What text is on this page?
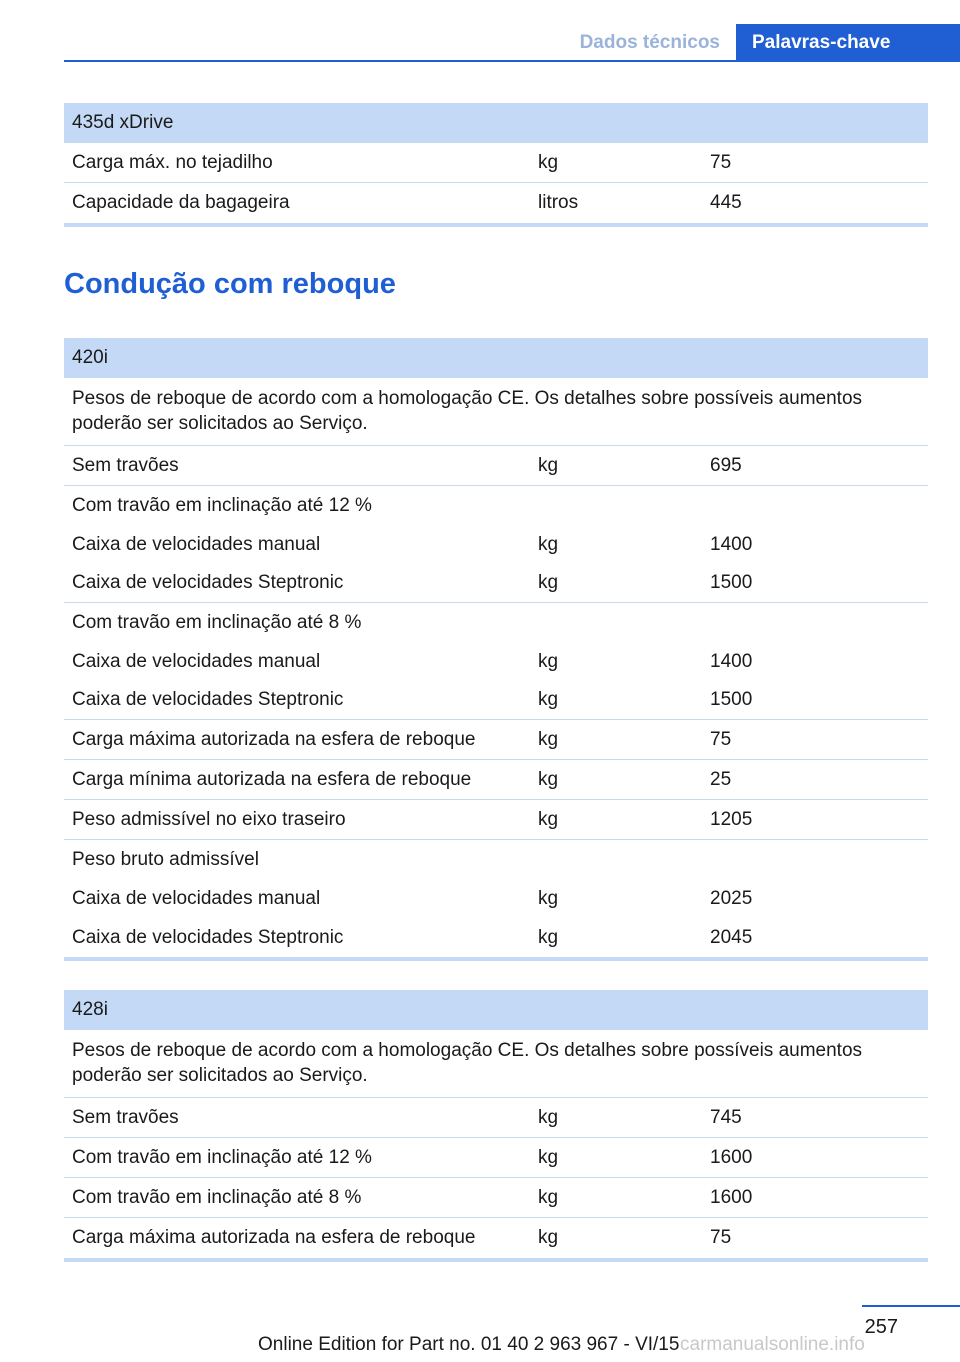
Dados técnicos	Palavras-chave
435d xDrive
Carga máx. no tejadilho	kg	75
Capacidade da bagageira	litros	445
Condução com reboque
420i
Pesos de reboque de acordo com a homologação CE. Os detalhes sobre possíveis aumentos poderão ser solicitados ao Serviço.
Sem travões	kg	695
Com travão em inclinação até 12 %
Caixa de velocidades manual	kg	1400
Caixa de velocidades Steptronic	kg	1500
Com travão em inclinação até 8 %
Caixa de velocidades manual	kg	1400
Caixa de velocidades Steptronic	kg	1500
Carga máxima autorizada na esfera de reboque	kg	75
Carga mínima autorizada na esfera de reboque	kg	25
Peso admissível no eixo traseiro	kg	1205
Peso bruto admissível
Caixa de velocidades manual	kg	2025
Caixa de velocidades Steptronic	kg	2045
428i
Pesos de reboque de acordo com a homologação CE. Os detalhes sobre possíveis aumentos poderão ser solicitados ao Serviço.
Sem travões	kg	745
Com travão em inclinação até 12 %	kg	1600
Com travão em inclinação até 8 %	kg	1600
Carga máxima autorizada na esfera de reboque	kg	75
257
Online Edition for Part no. 01 40 2 963 967 - VI/15 carmanualsonline.info
